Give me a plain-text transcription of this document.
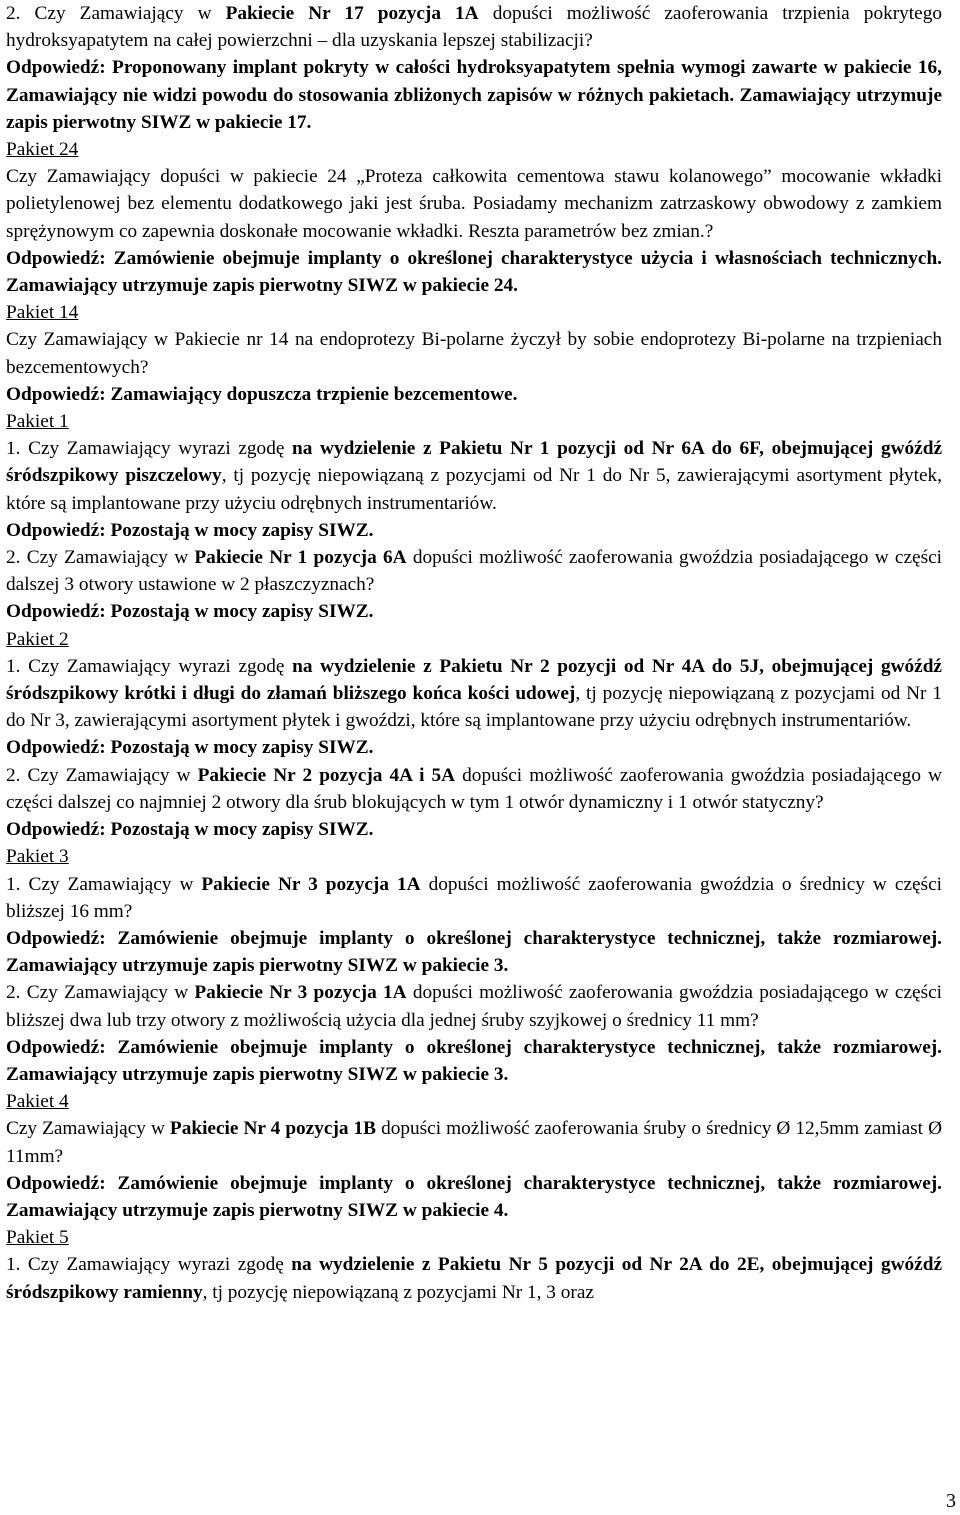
2. Czy Zamawiający w Pakiecie Nr 17 pozycja 1A dopuści możliwość zaoferowania trzpienia pokrytego hydroksyapatytem na całej powierzchni – dla uzyskania lepszej stabilizacji?

Odpowiedź: Proponowany implant pokryty w całości hydroksyapatytem spełnia wymogi zawarte w pakiecie 16, Zamawiający nie widzi powodu do stosowania zbliżonych zapisów w różnych pakietach. Zamawiający utrzymuje zapis pierwotny SIWZ w pakiecie 17.

Pakiet 24

Czy Zamawiający dopuści w pakiecie 24 „Proteza całkowita cementowa stawu kolanowego” mocowanie wkładki polietylenowej bez elementu dodatkowego jaki jest śruba. Posiadamy mechanizm zatrzaskowy obwodowy z zamkiem sprężynowym co zapewnia doskonałe mocowanie wkładki. Reszta parametrów bez zmian.?

Odpowiedź: Zamówienie obejmuje implanty o określonej charakterystyce użycia i własnościach technicznych. Zamawiający utrzymuje zapis pierwotny SIWZ w pakiecie 24.

Pakiet 14

Czy Zamawiający w Pakiecie nr 14 na endoprotezy Bi-polarne życzył by sobie endoprotezy Bi-polarne na trzpieniach bezcementowych?

Odpowiedź: Zamawiający dopuszcza trzpienie bezcementowe.

Pakiet 1

1. Czy Zamawiający wyrazi zgodę na wydzielenie z Pakietu Nr 1 pozycji od Nr 6A do 6F, obejmującej gwóźdź śródszpikowy piszczelowy, tj pozycję niepowiązaną z pozycjami od Nr 1 do Nr 5, zawierającymi asortyment płytek, które są implantowane przy użyciu odrębnych instrumentariów.

Odpowiedź: Pozostają w mocy zapisy SIWZ.

2. Czy Zamawiający w Pakiecie Nr 1 pozycja 6A dopuści możliwość zaoferowania gwoździa posiadającego w części dalszej 3 otwory ustawione w 2 płaszczyznach?

Odpowiedź: Pozostają w mocy zapisy SIWZ.

Pakiet 2

1. Czy Zamawiający wyrazi zgodę na wydzielenie z Pakietu Nr 2 pozycji od Nr 4A do 5J, obejmującej gwóźdź śródszpikowy krótki i długi do złamań bliższego końca kości udowej, tj pozycję niepowiązaną z pozycjami od Nr 1 do Nr 3, zawierającymi asortyment płytek i gwoździ, które są implantowane przy użyciu odrębnych instrumentariów.

Odpowiedź: Pozostają w mocy zapisy SIWZ.

2. Czy Zamawiający w Pakiecie Nr 2 pozycja 4A i 5A dopuści możliwość zaoferowania gwoździa posiadającego w części dalszej co najmniej 2 otwory dla śrub blokujących w tym 1 otwór dynamiczny i 1 otwór statyczny?

Odpowiedź: Pozostają w mocy zapisy SIWZ.

Pakiet 3

1. Czy Zamawiający w Pakiecie Nr 3 pozycja 1A dopuści możliwość zaoferowania gwoździa o średnicy w części bliższej 16 mm?

Odpowiedź: Zamówienie obejmuje implanty o określonej charakterystyce technicznej, także rozmiarowej. Zamawiający utrzymuje zapis pierwotny SIWZ w pakiecie 3.

2. Czy Zamawiający w Pakiecie Nr 3 pozycja 1A dopuści możliwość zaoferowania gwoździa posiadającego w części bliższej dwa lub trzy otwory z możliwością użycia dla jednej śruby szyjkowej o średnicy 11 mm?

Odpowiedź: Zamówienie obejmuje implanty o określonej charakterystyce technicznej, także rozmiarowej. Zamawiający utrzymuje zapis pierwotny SIWZ w pakiecie 3.

Pakiet 4

Czy Zamawiający w Pakiecie Nr 4 pozycja 1B dopuści możliwość zaoferowania śruby o średnicy Ø 12,5mm zamiast Ø 11mm?

Odpowiedź: Zamówienie obejmuje implanty o określonej charakterystyce technicznej, także rozmiarowej. Zamawiający utrzymuje zapis pierwotny SIWZ w pakiecie 4.

Pakiet 5

1. Czy Zamawiający wyrazi zgodę na wydzielenie z Pakietu Nr 5 pozycji od Nr 2A do 2E, obejmującej gwóźdź śródszpikowy ramienny, tj pozycję niepowiązaną z pozycjami Nr 1, 3 oraz

3
